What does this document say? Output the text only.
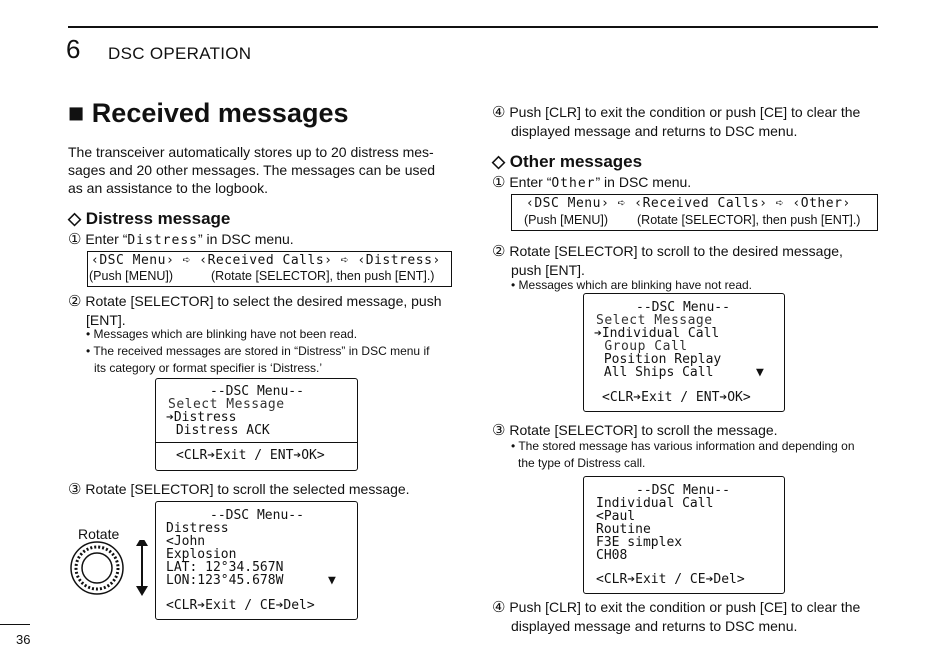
6 DSC OPERATION
■ Received messages
The transceiver automatically stores up to 20 distress mes-
sages and 20 other messages. The messages can be used
as an assistance to the logbook.
◇ Distress message
① Enter “Distress” in DSC menu.
‹DSC Menu› ➪ ‹Received Calls› ➪ ‹Distress›
(Push [MENU])	(Rotate [SELECTOR], then push [ENT].)
② Rotate [SELECTOR] to select the desired message, push
[ENT].
• Messages which are blinking have not been read.
• The received messages are stored in “Distress” in DSC menu if
its category or format specifier is ‘Distress.’
--DSC Menu--
Select Message
➔Distress
Distress ACK
<CLR➔Exit / ENT➔OK>
③ Rotate [SELECTOR] to scroll the selected message.
Rotate
--DSC Menu--
Distress
<John
Explosion
LAT: 12°34.567N
LON:123°45.678W	▼
<CLR➔Exit / CE➔Del>
④ Push [CLR] to exit the condition or push [CE] to clear the
displayed message and returns to DSC menu.
◇ Other messages
① Enter “Other” in DSC menu.
‹DSC Menu› ➪ ‹Received Calls› ➪ ‹Other›
(Push [MENU]) (Rotate [SELECTOR], then push [ENT].)
② Rotate [SELECTOR] to scroll to the desired message,
push [ENT].
• Messages which are blinking have not read.
--DSC Menu--
Select Message
➔Individual Call
Group Call
Position Replay
All Ships Call	▼
<CLR➔Exit / ENT➔OK>
③ Rotate [SELECTOR] to scroll the message.
• The stored message has various information and depending on
the type of Distress call.
--DSC Menu--
Individual Call
<Paul
Routine
F3E simplex
CH08
<CLR➔Exit / CE➔Del>
④ Push [CLR] to exit the condition or push [CE] to clear the
displayed message and returns to DSC menu.
36
